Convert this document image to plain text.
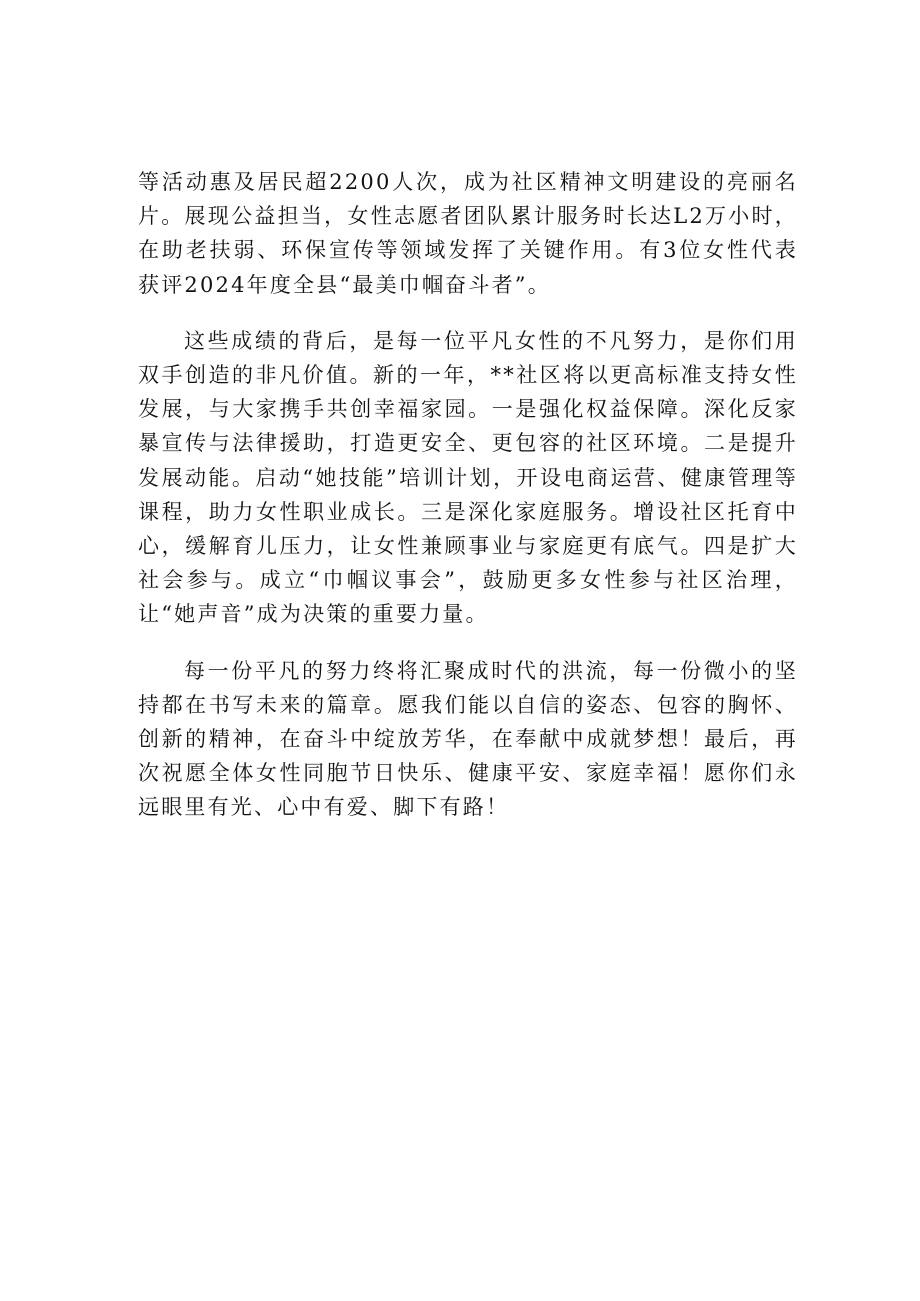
等活动惠及居民超2200人次，成为社区精神文明建设的亮丽名片。展现公益担当，女性志愿者团队累计服务时长达L2万小时，在助老扶弱、环保宣传等领域发挥了关键作用。有3位女性代表获评2024年度全县“最美巾帼奋斗者”。

这些成绩的背后，是每一位平凡女性的不凡努力，是你们用双手创造的非凡价值。新的一年，**社区将以更高标准支持女性发展，与大家携手共创幸福家园。一是强化权益保障。深化反家暴宣传与法律援助，打造更安全、更包容的社区环境。二是提升发展动能。启动“她技能”培训计划，开设电商运营、健康管理等课程，助力女性职业成长。三是深化家庭服务。增设社区托育中心，缓解育儿压力，让女性兼顾事业与家庭更有底气。四是扩大社会参与。成立“巾帼议事会”，鼓励更多女性参与社区治理，让“她声音”成为决策的重要力量。

每一份平凡的努力终将汇聚成时代的洪流，每一份微小的坚持都在书写未来的篇章。愿我们能以自信的姿态、包容的胸怀、创新的精神，在奋斗中绽放芳华，在奉献中成就梦想！最后，再次祝愿全体女性同胞节日快乐、健康平安、家庭幸福！愿你们永远眼里有光、心中有爱、脚下有路！
